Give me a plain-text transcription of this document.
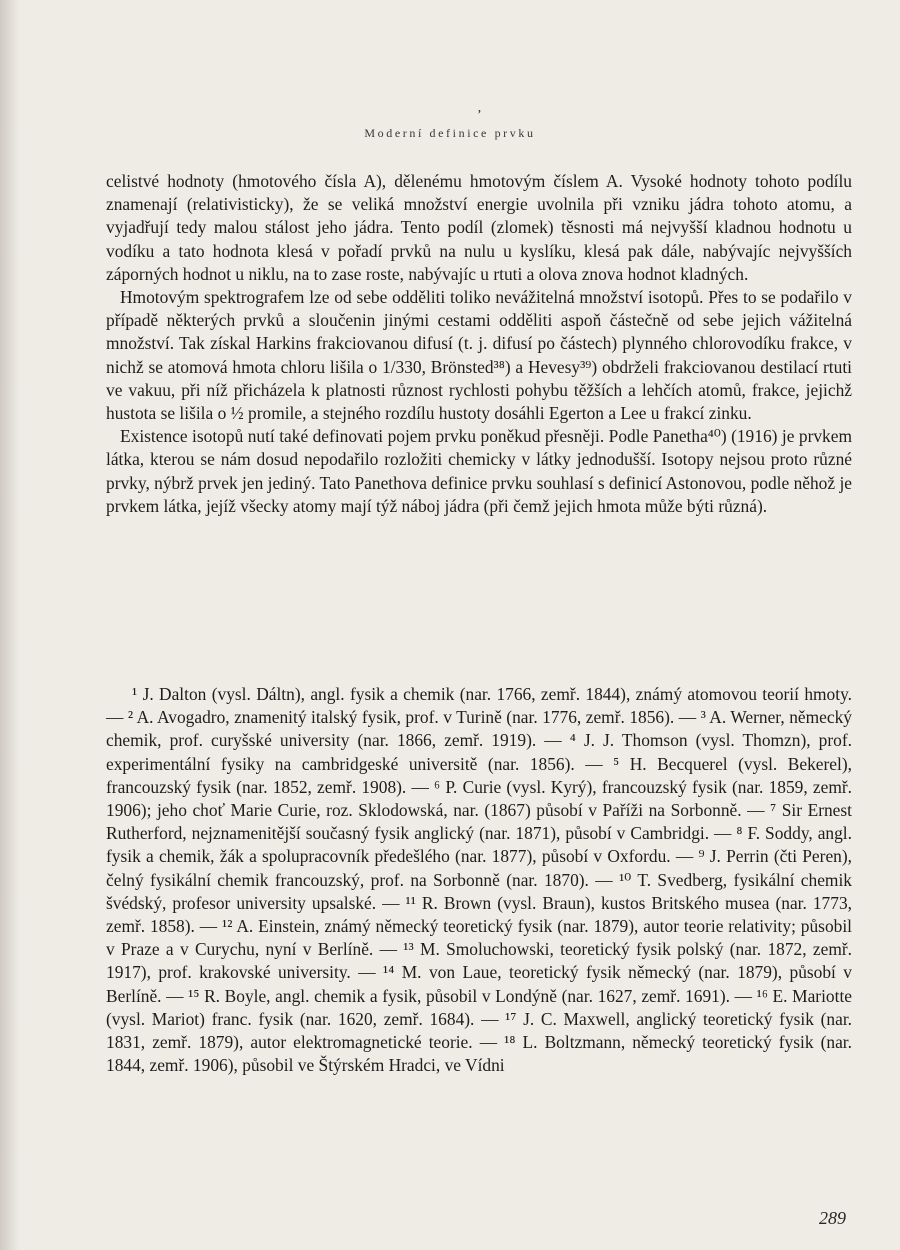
ʼ
Moderní definice prvku

celistvé hodnoty (hmotového čísla A), dělenému hmotovým číslem A. Vysoké hodnoty tohoto podílu znamenají (relativisticky), že se veliká množství energie uvolnila při vzniku jádra tohoto atomu, a vyjadřují tedy malou stálost jeho jádra. Tento podíl (zlomek) těsnosti má nejvyšší kladnou hodnotu u vodíku a tato hodnota klesá v pořadí prvků na nulu u kyslíku, klesá pak dále, nabývajíc nejvyšších záporných hodnot u niklu, na to zase roste, nabývajíc u rtuti a olova znova hodnot kladných.

Hmotovým spektrografem lze od sebe odděliti toliko nevážitelná množství isotopů. Přes to se podařilo v případě některých prvků a sloučenin jinými cestami odděliti aspoň částečně od sebe jejich vážitelná množství. Tak získal Harkins frakciovanou difusí (t. j. difusí po částech) plynného chlorovodíku frakce, v nichž se atomová hmota chloru lišila o 1/330, Brönsted³⁸) a Hevesy³⁹) obdrželi frakciovanou destilací rtuti ve vakuu, při níž přicházela k platnosti různost rychlosti pohybu těžších a lehčích atomů, frakce, jejichž hustota se lišila o ½ promile, a stejného rozdílu hustoty dosáhli Egerton a Lee u frakcí zinku.

Existence isotopů nutí také definovati pojem prvku poněkud přesněji. Podle Panetha⁴⁰) (1916) je prvkem látka, kterou se nám dosud nepodařilo rozložiti chemicky v látky jednodušší. Isotopy nejsou proto různé prvky, nýbrž prvek jen jediný. Tato Panethova definice prvku souhlasí s definicí Astonovou, podle něhož je prvkem látka, jejíž všecky atomy mají týž náboj jádra (při čemž jejich hmota může býti různá).

¹ J. Dalton (vysl. Dáltn), angl. fysik a chemik (nar. 1766, zemř. 1844), známý atomovou teorií hmoty. — ² A. Avogadro, znamenitý italský fysik, prof. v Turině (nar. 1776, zemř. 1856). — ³ A. Werner, německý chemik, prof. curyšské university (nar. 1866, zemř. 1919). — ⁴ J. J. Thomson (vysl. Thomzn), prof. experimentální fysiky na cambridgeské universitě (nar. 1856). — ⁵ H. Becquerel (vysl. Bekerel), francouzský fysik (nar. 1852, zemř. 1908). — ⁶ P. Curie (vysl. Kyrý), francouzský fysik (nar. 1859, zemř. 1906); jeho choť Marie Curie, roz. Sklodowská, nar. (1867) působí v Paříži na Sorbonně. — ⁷ Sir Ernest Rutherford, nejznamenitější současný fysik anglický (nar. 1871), působí v Cambridgi. — ⁸ F. Soddy, angl. fysik a chemik, žák a spolupracovník předešlého (nar. 1877), působí v Oxfordu. — ⁹ J. Perrin (čti Peren), čelný fysikální chemik francouzský, prof. na Sorbonně (nar. 1870). — ¹⁰ T. Svedberg, fysikální chemik švédský, profesor university upsalské. — ¹¹ R. Brown (vysl. Braun), kustos Britského musea (nar. 1773, zemř. 1858). — ¹² A. Einstein, známý německý teoretický fysik (nar. 1879), autor teorie relativity; působil v Praze a v Curychu, nyní v Berlíně. — ¹³ M. Smoluchowski, teoretický fysik polský (nar. 1872, zemř. 1917), prof. krakovské university. — ¹⁴ M. von Laue, teoretický fysik německý (nar. 1879), působí v Berlíně. — ¹⁵ R. Boyle, angl. chemik a fysik, působil v Londýně (nar. 1627, zemř. 1691). — ¹⁶ E. Mariotte (vysl. Mariot) franc. fysik (nar. 1620, zemř. 1684). — ¹⁷ J. C. Maxwell, anglický teoretický fysik (nar. 1831, zemř. 1879), autor elektromagnetické teorie. — ¹⁸ L. Boltzmann, německý teoretický fysik (nar. 1844, zemř. 1906), působil ve Štýrském Hradci, ve Vídni
289
